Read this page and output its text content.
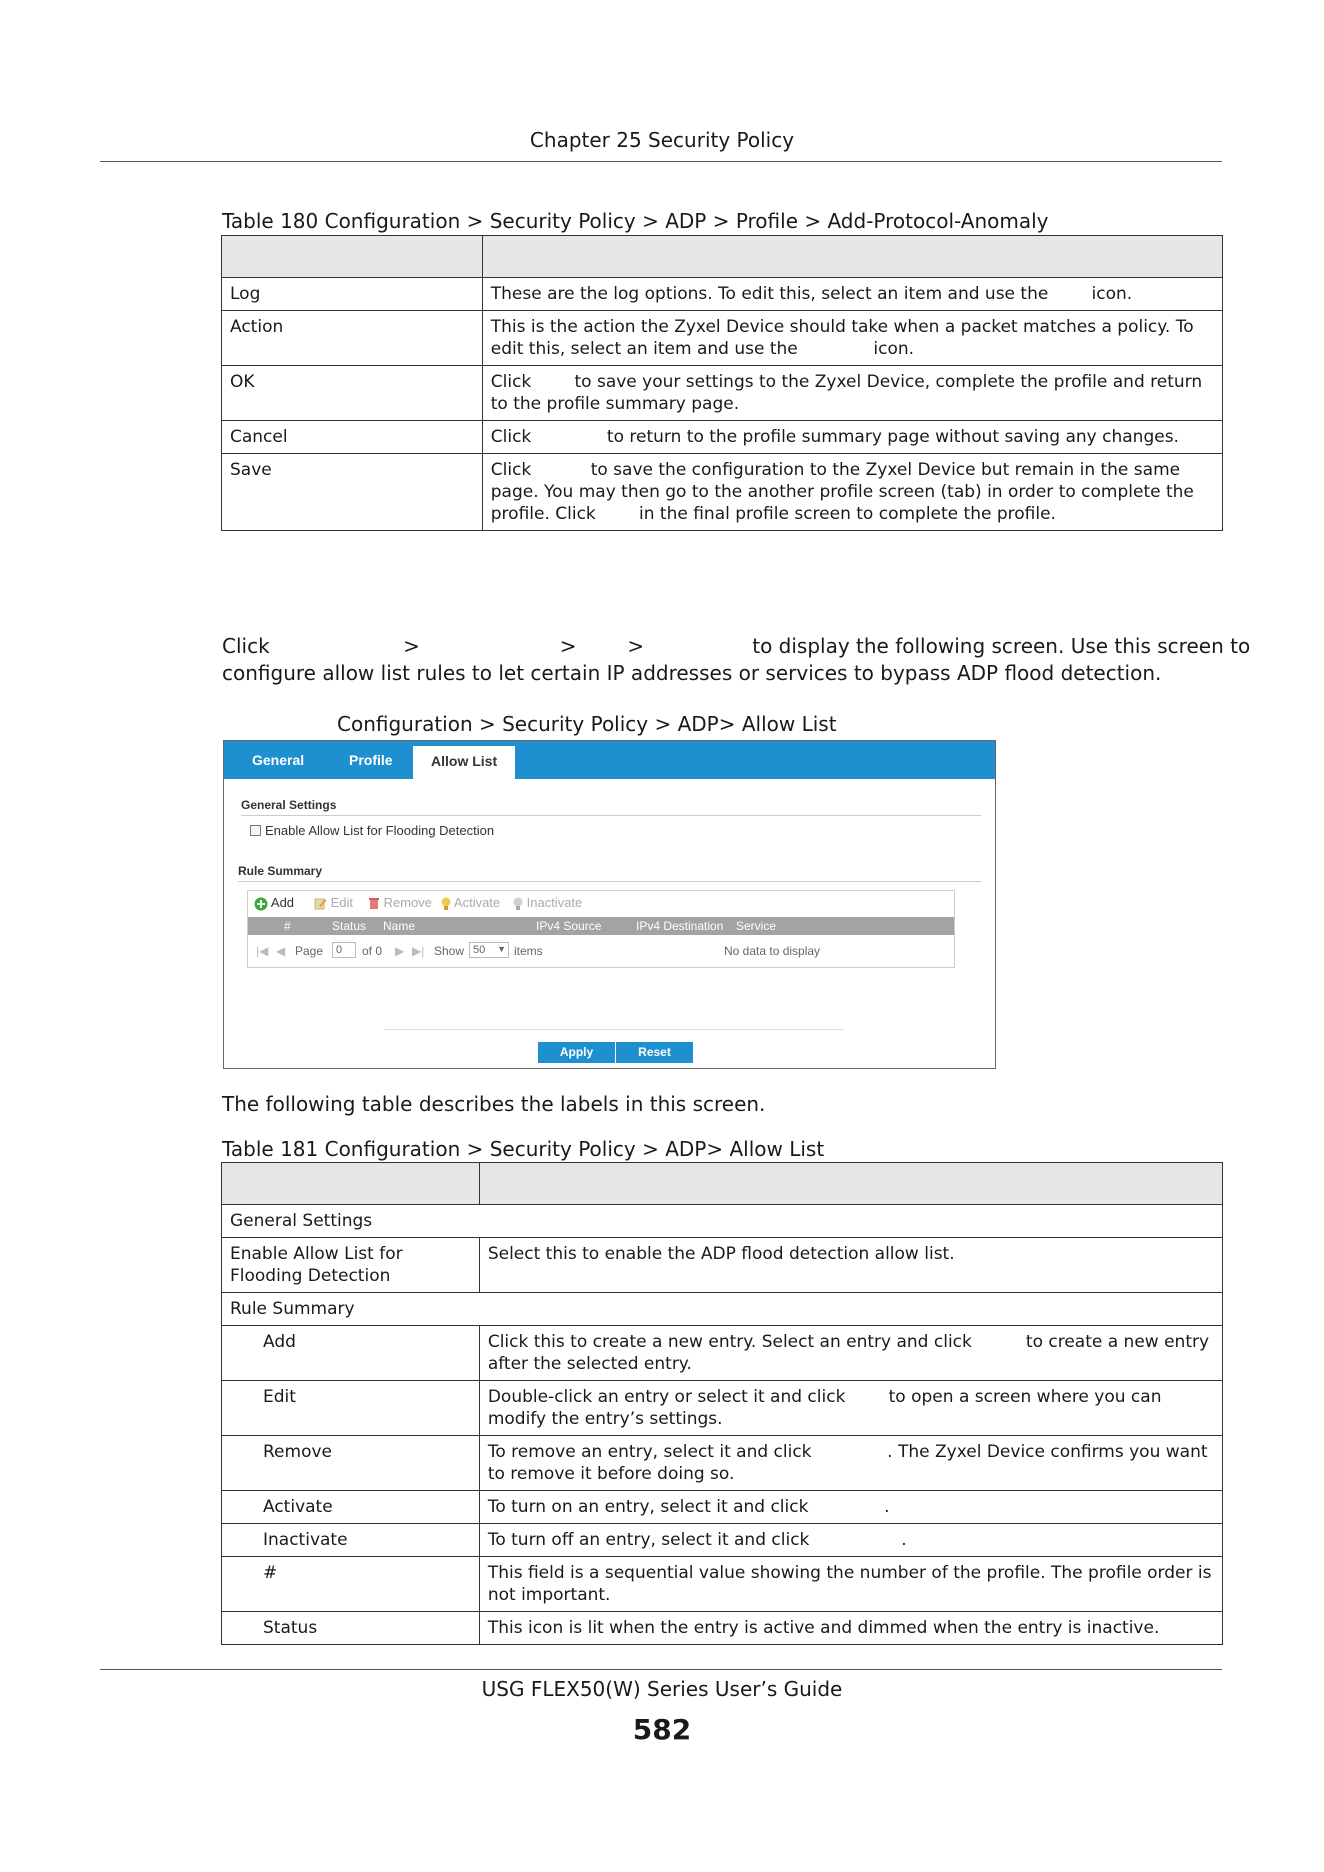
Chapter 25 Security Policy
Table 180 Configuration > Security Policy > ADP > Profile > Add-Protocol-Anomaly

Log	These are the log options. To edit this, select an item and use the        icon.
Action	This is the action the Zyxel Device should take when a packet matches a policy. To edit this, select an item and use the              icon.
OK	Click        to save your settings to the Zyxel Device, complete the profile and return to the profile summary page.
Cancel	Click              to return to the profile summary page without saving any changes.
Save	Click           to save the configuration to the Zyxel Device but remain in the same page. You may then go to the another profile screen (tab) in order to complete the profile. Click        in the final profile screen to complete the profile.
Click                     >                      >        >                 to display the following screen. Use this screen to
configure allow list rules to let certain IP addresses or services to bypass ADP flood detection.
Configuration > Security Policy > ADP> Allow List
General	Profile	Allow List
General Settings
Enable Allow List for Flooding Detection
Rule Summary
Add	Edit	Remove	Activate	Inactivate
#	Status Name	IPv4 Source	IPv4 Destination Service
|◀ ◀ Page	0	of 0 ▶ ▶| Show 50 ▼ items	No data to display
Apply	Reset
The following table describes the labels in this screen.
Table 181 Configuration > Security Policy > ADP> Allow List

General Settings	
Enable Allow List for Flooding Detection	Select this to enable the ADP flood detection allow list.
Rule Summary	
Add	Click this to create a new entry. Select an entry and click          to create a new entry after the selected entry.
Edit	Double-click an entry or select it and click        to open a screen where you can modify the entry’s settings.
Remove	To remove an entry, select it and click              . The Zyxel Device confirms you want to remove it before doing so.
Activate	To turn on an entry, select it and click              .
Inactivate	To turn off an entry, select it and click                 .
#	This field is a sequential value showing the number of the profile. The profile order is not important.
Status	This icon is lit when the entry is active and dimmed when the entry is inactive.
USG FLEX50(W) Series User’s Guide
582
